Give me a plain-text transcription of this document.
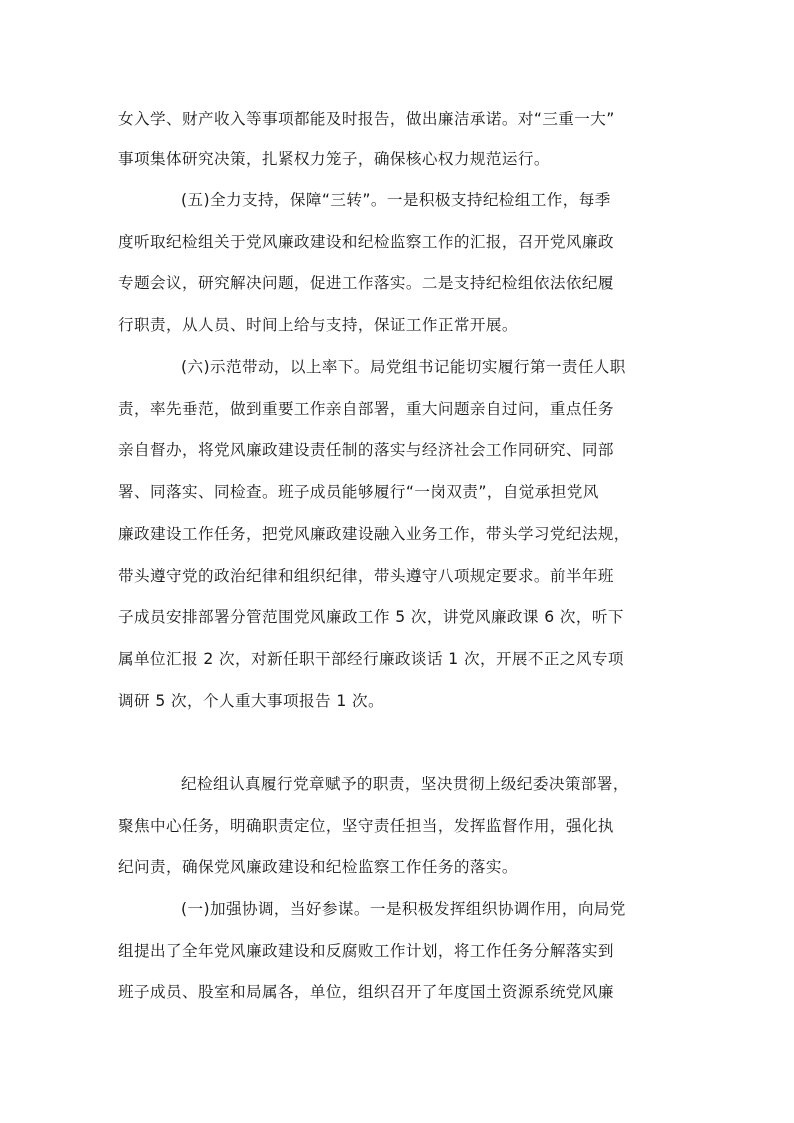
女入学、财产收入等事项都能及时报告，做出廉洁承诺。对“三重一大”
事项集体研究决策，扎紧权力笼子，确保核心权力规范运行。
(五)全力支持，保障“三转”。一是积极支持纪检组工作，每季
度听取纪检组关于党风廉政建设和纪检监察工作的汇报，召开党风廉政
专题会议，研究解决问题，促进工作落实。二是支持纪检组依法依纪履
行职责，从人员、时间上给与支持，保证工作正常开展。
(六)示范带动，以上率下。局党组书记能切实履行第一责任人职
责，率先垂范，做到重要工作亲自部署，重大问题亲自过问，重点任务
亲自督办，将党风廉政建设责任制的落实与经济社会工作同研究、同部
署、同落实、同检查。班子成员能够履行“一岗双责”，自觉承担党风
廉政建设工作任务，把党风廉政建设融入业务工作，带头学习党纪法规，
带头遵守党的政治纪律和组织纪律，带头遵守八项规定要求。前半年班
子成员安排部署分管范围党风廉政工作 5 次，讲党风廉政课 6 次，听下
属单位汇报 2 次，对新任职干部经行廉政谈话 1 次，开展不正之风专项
调研 5 次，个人重大事项报告 1 次。
纪检组认真履行党章赋予的职责，坚决贯彻上级纪委决策部署，
聚焦中心任务，明确职责定位，坚守责任担当，发挥监督作用，强化执
纪问责，确保党风廉政建设和纪检监察工作任务的落实。
(一)加强协调，当好参谋。一是积极发挥组织协调作用，向局党
组提出了全年党风廉政建设和反腐败工作计划，将工作任务分解落实到
班子成员、股室和局属各，单位，组织召开了年度国土资源系统党风廉
